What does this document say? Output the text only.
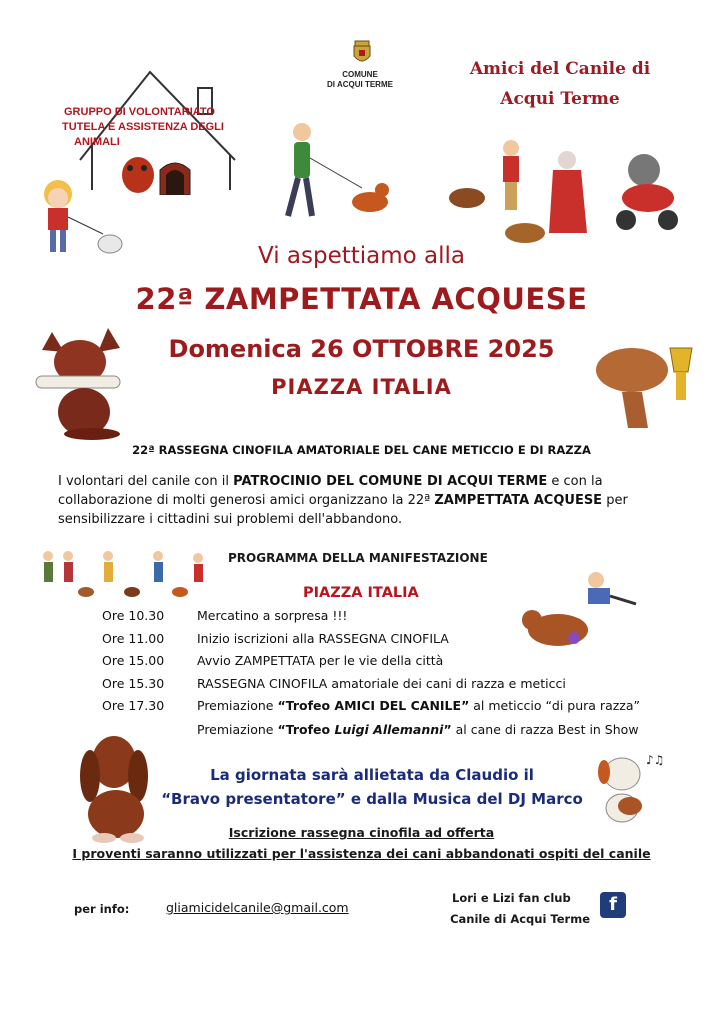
GRUPPO DI VOLONTARIATO
TUTELA E ASSISTENZA DEGLI
ANIMALI
COMUNE
DI ACQUI TERME
Amici del Canile di
Acqui Terme
Vi aspettiamo alla
22ª ZAMPETTATA ACQUESE
Domenica 26 OTTOBRE 2025
PIAZZA ITALIA
22ª RASSEGNA CINOFILA AMATORIALE DEL CANE METICCIO E DI RAZZA
I volontari del canile con il PATROCINIO DEL COMUNE DI ACQUI TERME e con la collaborazione di molti generosi amici organizzano la 22ª ZAMPETTATA ACQUESE per sensibilizzare i cittadini sui problemi dell'abbandono.
PROGRAMMA DELLA MANIFESTAZIONE
PIAZZA ITALIA
Ore 10.30	Mercatino a sorpresa !!!
Ore 11.00	Inizio iscrizioni alla RASSEGNA CINOFILA
Ore 15.00	Avvio ZAMPETTATA per le vie della città
Ore 15.30	RASSEGNA CINOFILA amatoriale dei cani di razza e meticci
Ore 17.30	Premiazione “Trofeo AMICI DEL CANILE” al meticcio “di pura razza”
Premiazione “Trofeo Luigi Allemanni” al cane di razza Best in Show
La giornata sarà allietata da Claudio il
“Bravo presentatore” e dalla Musica del DJ Marco
♪♫
Iscrizione rassegna cinofila ad offerta
I proventi saranno utilizzati per l'assistenza dei cani abbandonati ospiti del canile
per info:	gliamicidelcanile@gmail.com
Lori e Lizi fan club
Canile di Acqui Terme
f
